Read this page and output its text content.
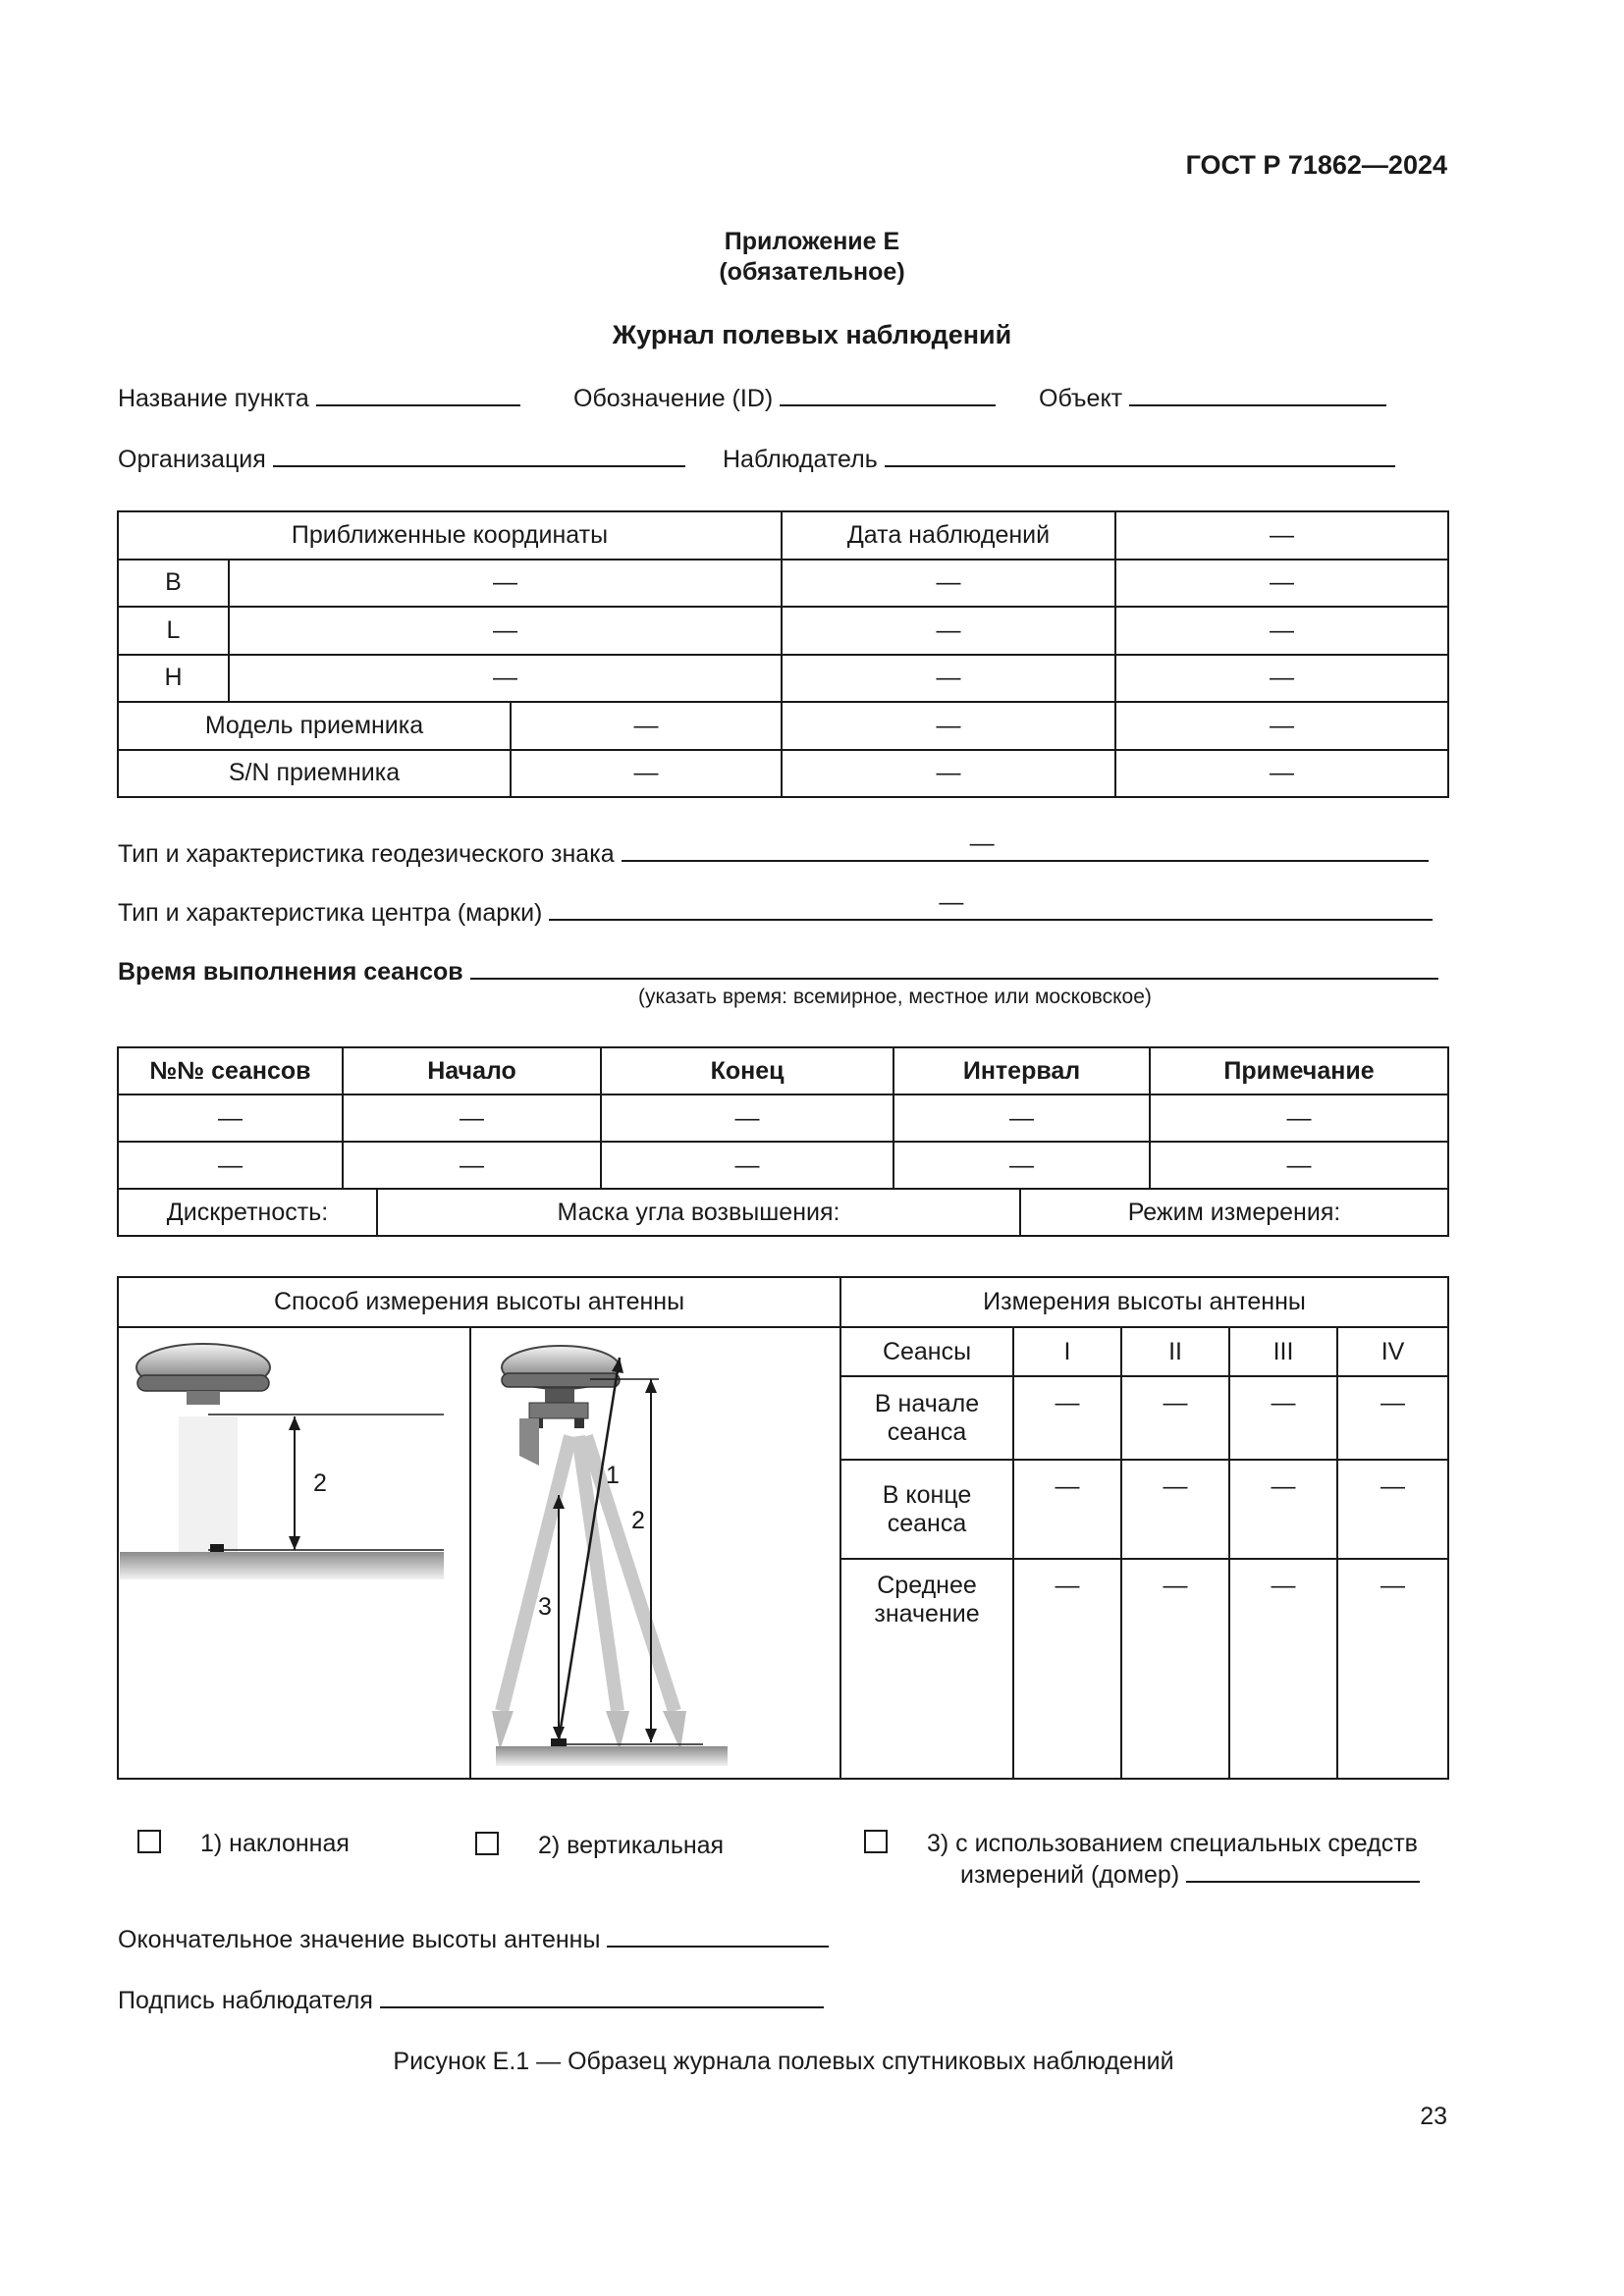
ГОСТ Р 71862—2024
Приложение Е
(обязательное)
Журнал полевых наблюдений
Название пункта	Обозначение (ID)	Объект
Организация	Наблюдатель
Приближенные координаты			Дата наблюдений	—
B	—		—	—
L	—		—	—
H	—		—	—
Модель приемника		—	—	—
S/N приемника		—	—	—
Тип и характеристика геодезического знака	—
Тип и характеристика центра (марки)	—
Время выполнения сеансов
(указать время: всемирное, местное или московское)
№№ сеансов	Начало		Конец	Интервал		Примечание
—	—		—	—		—
—	—		—	—		—
Дискретность:		Маска угла возвышения:			Режим измерения:	
Способ измерения высоты антенны		Измерения высоты антенны				

2	1
2
3	Сеансы	I	II	III	IV
		В начале сеанса	—	—	—	—
		В конце сеанса	—	—	—	—
		Среднее значение	—	—	—	—
1) наклонная	2) вертикальная	3) с использованием специальных средств
измерений (домер)
Окончательное значение высоты антенны
Подпись наблюдателя
Рисунок Е.1 — Образец журнала полевых спутниковых наблюдений
23
